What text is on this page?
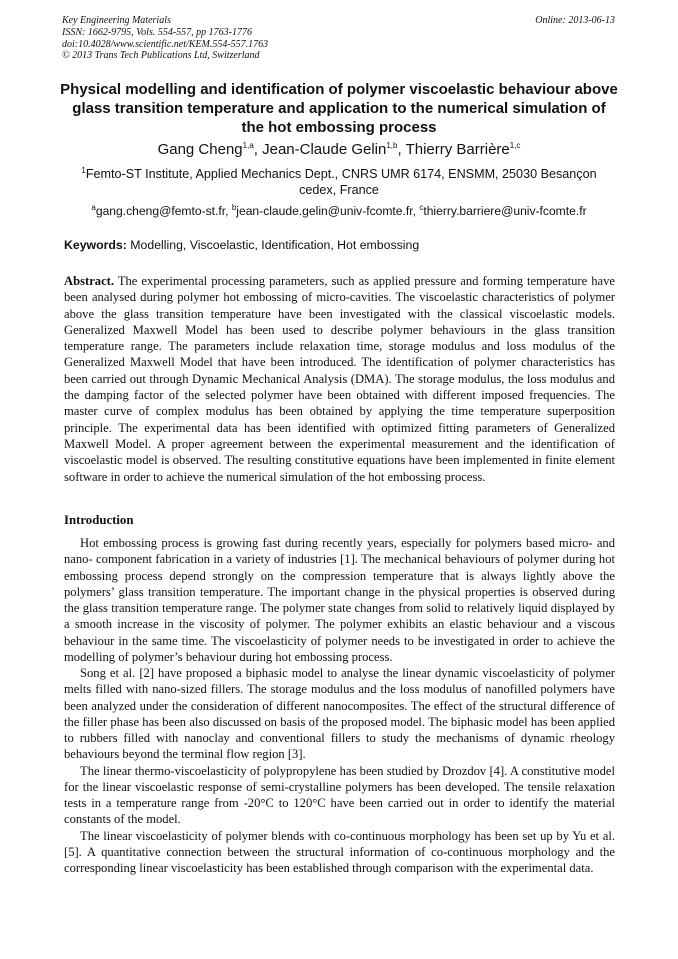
Key Engineering Materials
ISSN: 1662-9795, Vols. 554-557, pp 1763-1776
doi:10.4028/www.scientific.net/KEM.554-557.1763
© 2013 Trans Tech Publications Ltd, Switzerland
Online: 2013-06-13
Physical modelling and identification of polymer viscoelastic behaviour above glass transition temperature and application to the numerical simulation of the hot embossing process
Gang Cheng$^{1,a}$, Jean-Claude Gelin$^{1,b}$, Thierry Barrière$^{1,c}$
$^1$Femto-ST Institute, Applied Mechanics Dept., CNRS UMR 6174, ENSMM, 25030 Besançon cedex, France
$^a$gang.cheng@femto-st.fr, $^b$jean-claude.gelin@univ-fcomte.fr, $^c$thierry.barriere@univ-fcomte.fr
Keywords: Modelling, Viscoelastic, Identification, Hot embossing
Abstract. The experimental processing parameters, such as applied pressure and forming temperature have been analysed during polymer hot embossing of micro-cavities. The viscoelastic characteristics of polymer above the glass transition temperature have been investigated with the classical viscoelastic models. Generalized Maxwell Model has been used to describe polymer behaviours in the glass transition temperature range. The parameters include relaxation time, storage modulus and loss modulus of the Generalized Maxwell Model that have been introduced. The identification of polymer characteristics has been carried out through Dynamic Mechanical Analysis (DMA). The storage modulus, the loss modulus and the damping factor of the selected polymer have been obtained with different imposed frequencies. The master curve of complex modulus has been obtained by applying the time temperature superposition principle. The experimental data has been identified with optimized fitting parameters of Generalized Maxwell Model. A proper agreement between the experimental measurement and the identification of viscoelastic model is observed. The resulting constitutive equations have been implemented in finite element software in order to achieve the numerical simulation of the hot embossing process.
Introduction

Hot embossing process is growing fast during recently years, especially for polymers based micro- and nano- component fabrication in a variety of industries [1]. The mechanical behaviours of polymer during hot embossing process depend strongly on the compression temperature that is always lightly above the polymers’ glass transition temperature. The important change in the physical properties is observed during the glass transition temperature range. The polymer state changes from solid to relatively liquid displayed by a smooth increase in the viscosity of polymer. The polymer exhibits an elastic behaviour and a viscous behaviour in the same time. The viscoelasticity of polymer needs to be investigated in order to achieve the modelling of polymer’s behaviour during hot embossing process.

Song et al. [2] have proposed a biphasic model to analyse the linear dynamic viscoelasticity of polymer melts filled with nano-sized fillers. The storage modulus and the loss modulus of nanofilled polymers have been analyzed under the consideration of different nanocomposites. The effect of the structural difference of the filler phase has been also discussed on basis of the proposed model. The biphasic model has been applied to rubbers filled with nanoclay and conventional fillers to study the mechanisms of dynamic rheology behaviours beyond the terminal flow region [3].

The linear thermo-viscoelasticity of polypropylene has been studied by Drozdov [4]. A constitutive model for the linear viscoelastic response of semi-crystalline polymers has been developed. The tensile relaxation tests in a temperature range from -20°C to 120°C have been carried out in order to identify the material constants of the model.

The linear viscoelasticity of polymer blends with co-continuous morphology has been set up by Yu et al. [5]. A quantitative connection between the structural information of co-continuous morphology and the corresponding linear viscoelasticity has been established through comparison with the experimental data.
